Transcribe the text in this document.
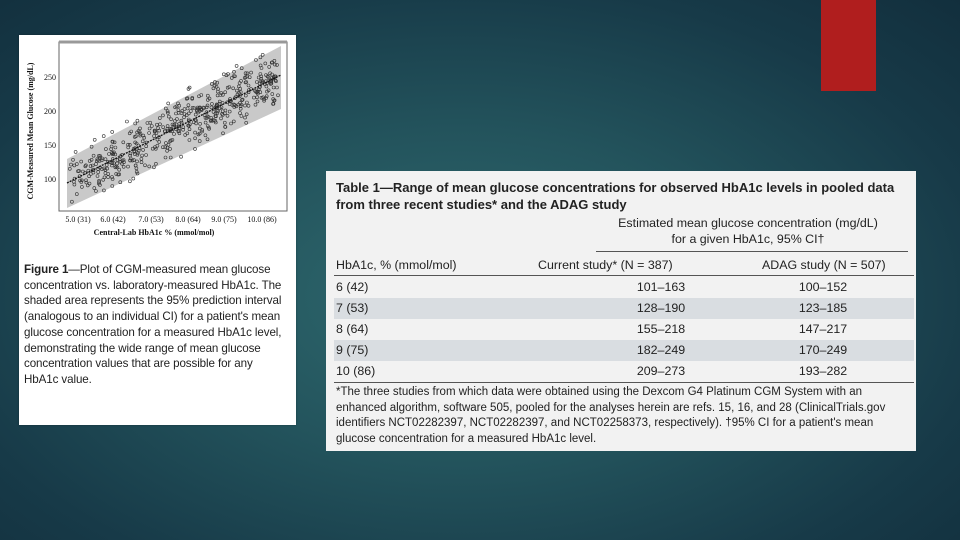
100
150
200
250
5.0 (31) 6.0 (42) 7.0 (53) 8.0 (64) 9.0 (75) 10.0 (86)
Central-Lab HbA1c % (mmol/mol)
CGM-Measured Mean Glucose (mg/dL)
Figure 1—Plot of CGM-measured mean glucose concentration vs. laboratory-measured HbA1c. The shaded area represents the 95% prediction interval (analogous to an individual CI) for a patient's mean glucose concentration for a measured HbA1c level, demonstrating the wide range of mean glucose concentration values that are possible for any HbA1c value.
Table 1—Range of mean glucose concentrations for observed HbA1c levels in pooled data from three recent studies* and the ADAG study
Estimated mean glucose concentration (mg/dL)
for a given HbA1c, 95% CI†
HbA1c, % (mmol/mol)	Current study* (N = 387)	ADAG study (N = 507)
6 (42)	101–163	100–152
7 (53)	128–190	123–185
8 (64)	155–218	147–217
9 (75)	182–249	170–249
10 (86)	209–273	193–282
*The three studies from which data were obtained using the Dexcom G4 Platinum CGM System with an enhanced algorithm, software 505, pooled for the analyses herein are refs. 15, 16, and 28 (ClinicalTrials.gov identifiers NCT02282397, NCT02282397, and NCT02258373, respectively). †95% CI for a patient's mean glucose concentration for a measured HbA1c level.
